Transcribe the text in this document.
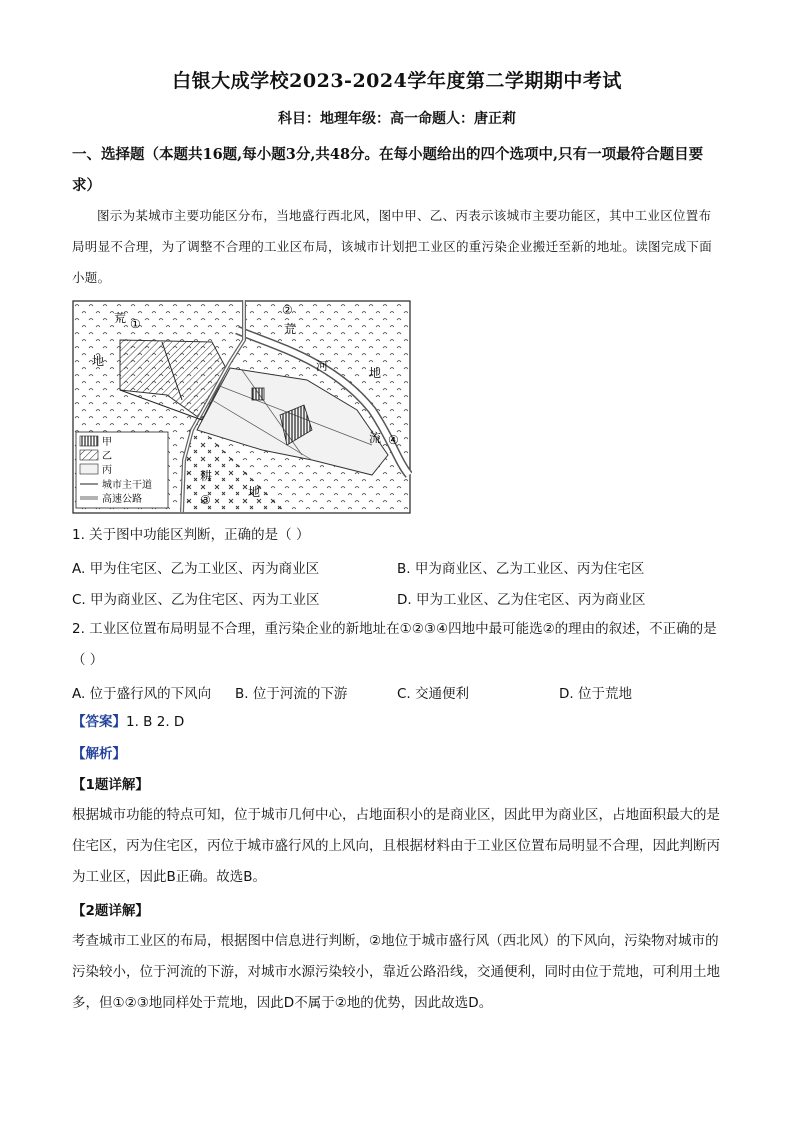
白银大成学校2023-2024学年度第二学期期中考试
科目：地理年级：高一命题人：唐正莉
一、选择题（本题共16题,每小题3分,共48分。在每小题给出的四个选项中,只有一项最符合题目要求）
图示为某城市主要功能区分布，当地盛行西北风，图中甲、乙、丙表示该城市主要功能区，其中工业区位置布局明显不合理，为了调整不合理的工业区布局，该城市计划把工业区的重污染企业搬迁至新的地址。读图完成下面小题。
荒 ①
地
②
荒
河	地
流 ④
耕
地
③
甲
乙
丙
城市主干道
高速公路
1. 关于图中功能区判断，正确的是（ ）
A. 甲为住宅区、乙为工业区、丙为商业区	B. 甲为商业区、乙为工业区、丙为住宅区
C. 甲为商业区、乙为住宅区、丙为工业区	D. 甲为工业区、乙为住宅区、丙为商业区
2. 工业区位置布局明显不合理，重污染企业的新地址在①②③④四地中最可能选②的理由的叙述，不正确的是（ ）
A. 位于盛行风的下风向 B. 位于河流的下游	C. 交通便利	D. 位于荒地
【答案】1. B 2. D
【解析】
【1题详解】
根据城市功能的特点可知，位于城市几何中心，占地面积小的是商业区，因此甲为商业区，占地面积最大的是住宅区，丙为住宅区，丙位于城市盛行风的上风向，且根据材料由于工业区位置布局明显不合理，因此判断丙为工业区，因此B正确。故选B。
【2题详解】
考查城市工业区的布局，根据图中信息进行判断，②地位于城市盛行风（西北风）的下风向，污染物对城市的污染较小，位于河流的下游，对城市水源污染较小，靠近公路沿线，交通便利，同时由位于荒地，可利用土地多，但①②③地同样处于荒地，因此D不属于②地的优势，因此故选D。
